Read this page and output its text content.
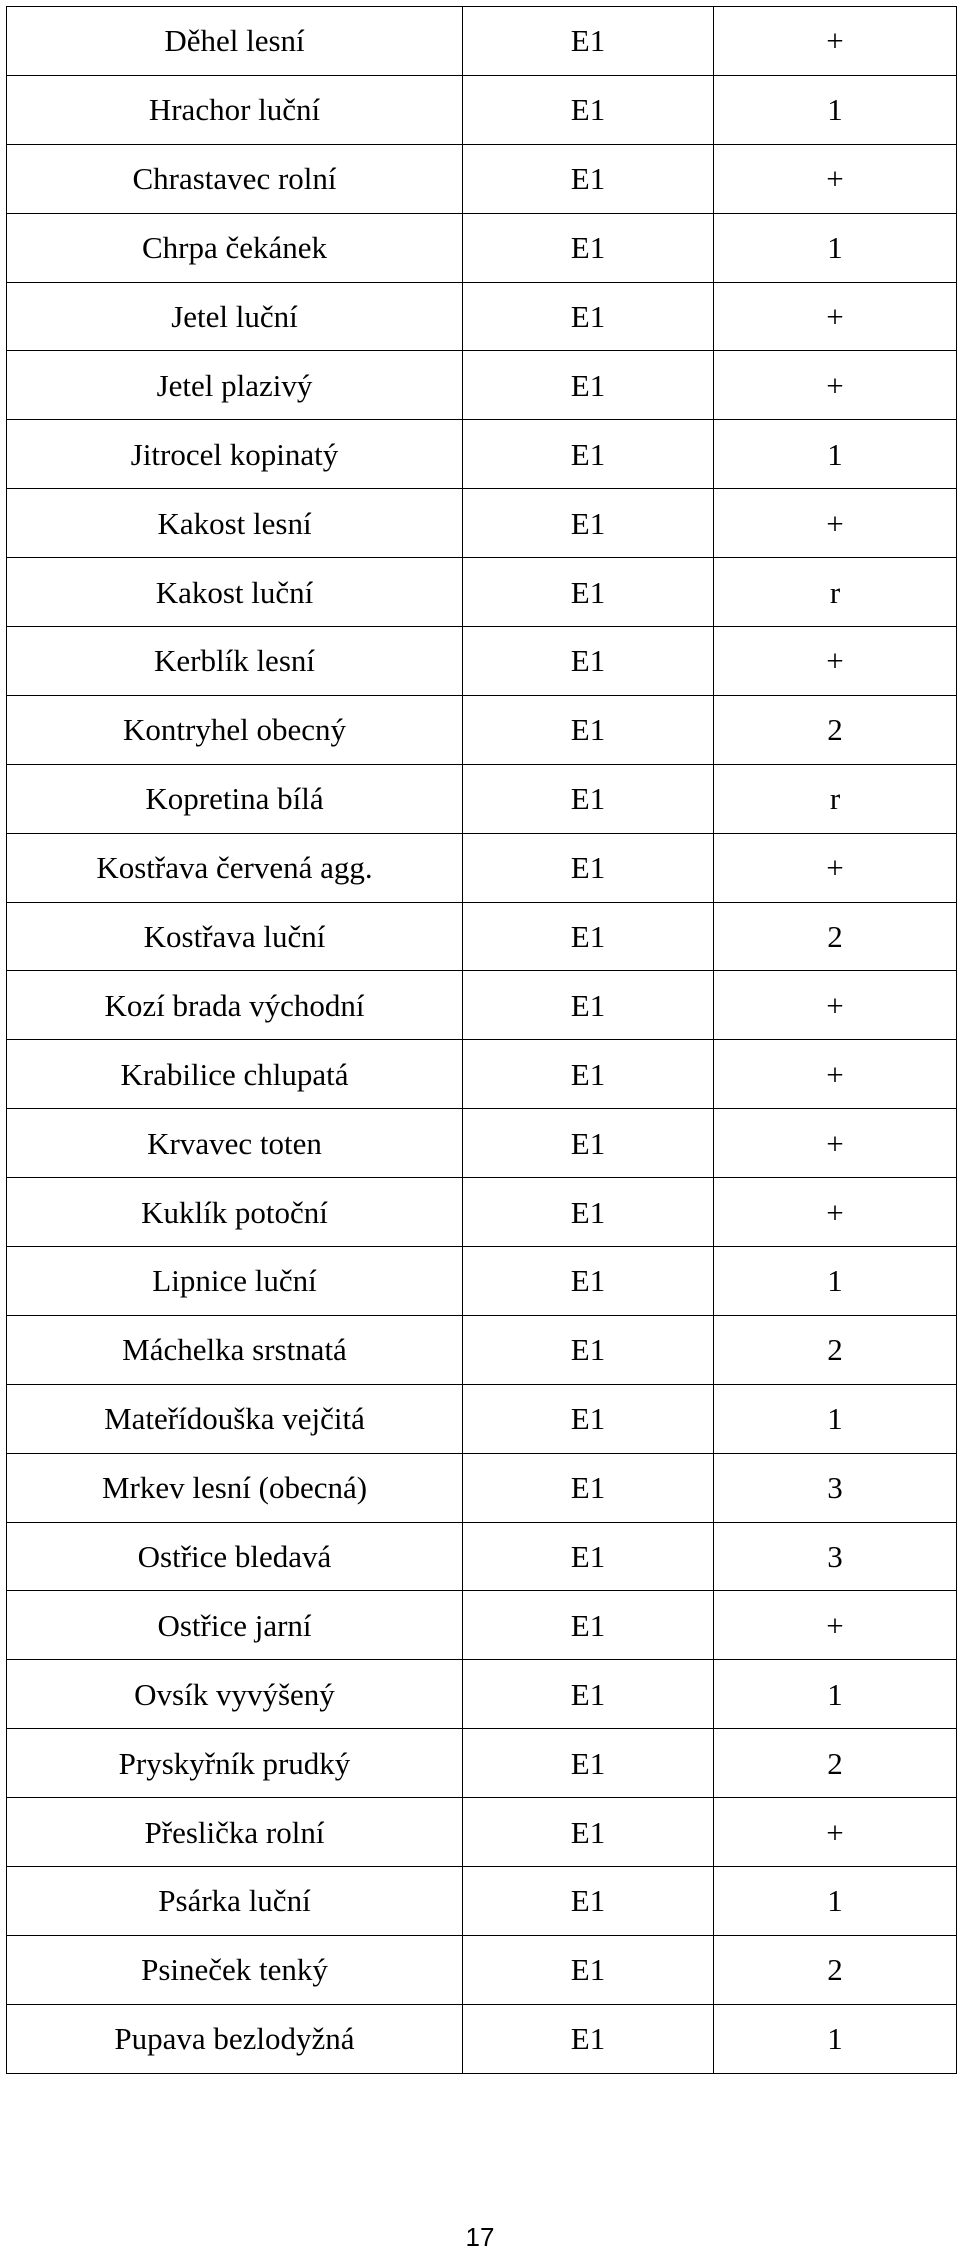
Děhel lesní	E1	+
Hrachor luční	E1	1
Chrastavec rolní	E1	+
Chrpa čekánek	E1	1
Jetel luční	E1	+
Jetel plazivý	E1	+
Jitrocel kopinatý	E1	1
Kakost lesní	E1	+
Kakost luční	E1	r
Kerblík lesní	E1	+
Kontryhel obecný	E1	2
Kopretina bílá	E1	r
Kostřava červená agg.	E1	+
Kostřava luční	E1	2
Kozí brada východní	E1	+
Krabilice chlupatá	E1	+
Krvavec toten	E1	+
Kuklík potoční	E1	+
Lipnice luční	E1	1
Máchelka srstnatá	E1	2
Mateřídouška vejčitá	E1	1
Mrkev lesní (obecná)	E1	3
Ostřice bledavá	E1	3
Ostřice jarní	E1	+
Ovsík vyvýšený	E1	1
Pryskyřník prudký	E1	2
Přeslička rolní	E1	+
Psárka luční	E1	1
Psineček tenký	E1	2
Pupava bezlodyžná	E1	1
17
